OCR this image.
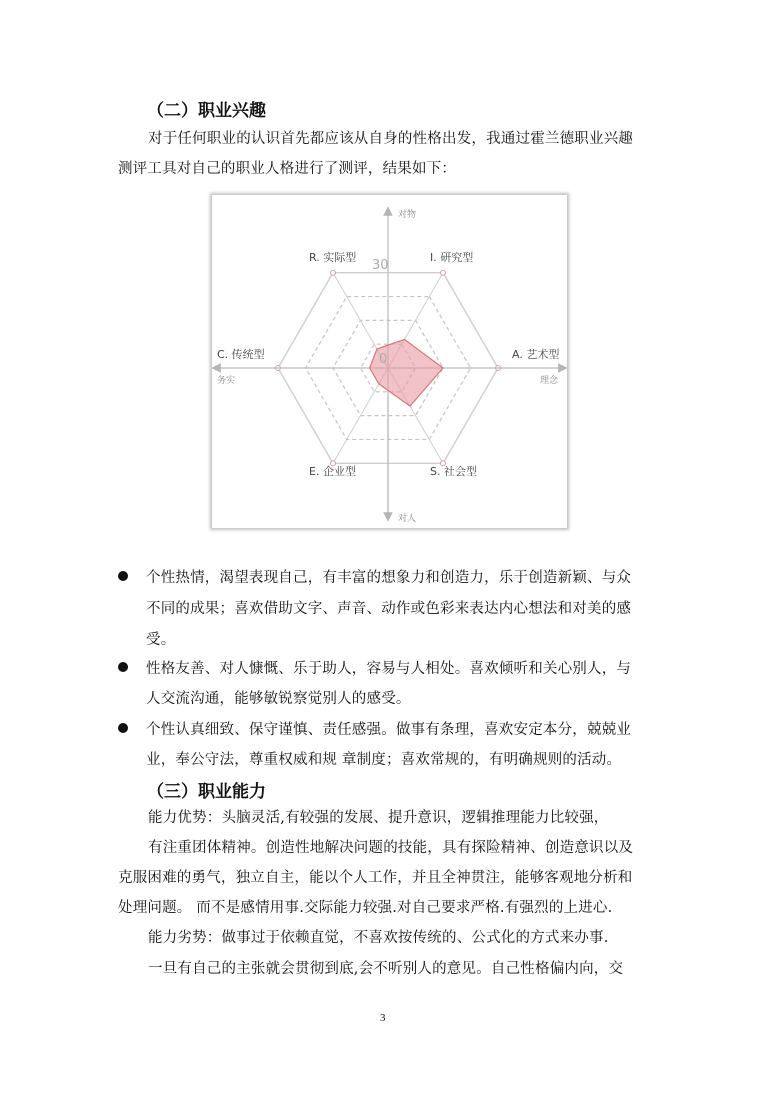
（二）职业兴趣
对于任何职业的认识首先都应该从自身的性格出发，我通过霍兰德职业兴趣
测评工具对自己的职业人格进行了测评，结果如下：
I. 研究型
A. 艺术型
S. 社会型
E. 企业型
C. 传统型
R. 实际型
对物
对人
务实	理念
30
0
个性热情，渴望表现自己，有丰富的想象力和创造力，乐于创造新颖、与众
不同的成果；喜欢借助文字、声音、动作或色彩来表达内心想法和对美的感
受。
性格友善、对人慷慨、乐于助人，容易与人相处。喜欢倾听和关心别人，与
人交流沟通，能够敏锐察觉别人的感受。
个性认真细致、保守谨慎、责任感强。做事有条理，喜欢安定本分，兢兢业
业，奉公守法，尊重权威和规 章制度；喜欢常规的，有明确规则的活动。
（三）职业能力
能力优势：头脑灵活,有较强的发展、提升意识，逻辑推理能力比较强，
有注重团体精神。创造性地解决问题的技能，具有探险精神、创造意识以及
克服困难的勇气，独立自主，能以个人工作，并且全神贯注，能够客观地分析和
处理问题。 而不是感情用事.交际能力较强.对自己要求严格.有强烈的上进心.
能力劣势：做事过于依赖直觉，不喜欢按传统的、公式化的方式来办事.
一旦有自己的主张就会贯彻到底,会不听别人的意见。自己性格偏内向，交
3
